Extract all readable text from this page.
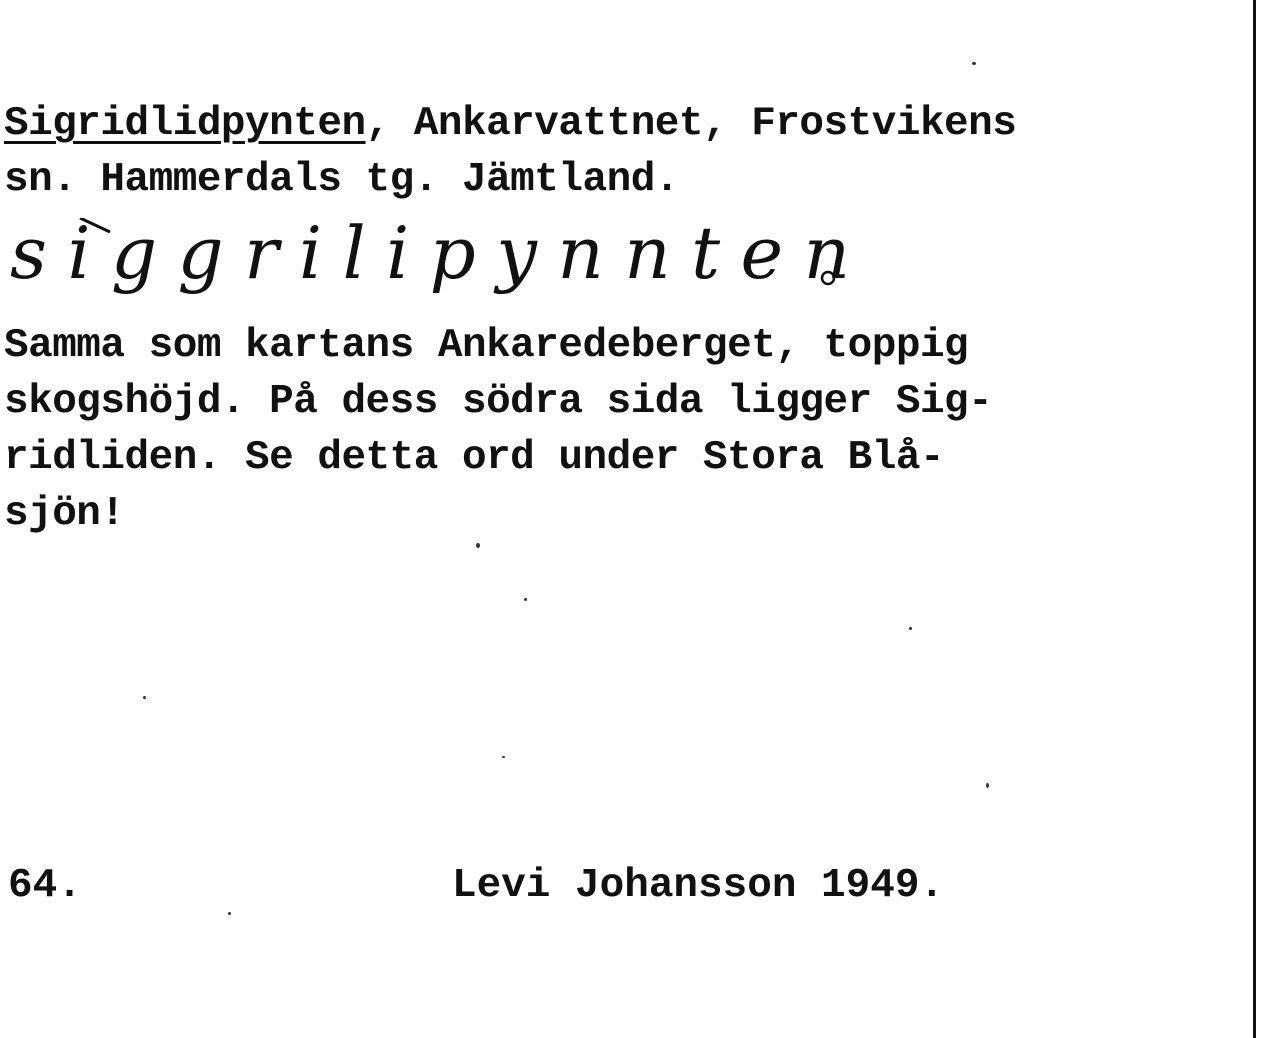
Sigridlidpynten, Ankarvattnet, Frostvikens
sn. Hammerdals tg. Jämtland.
siggrilipynnten
Samma som kartans Ankaredeberget, toppig
skogshöjd. På dess södra sida ligger Sig-
ridliden. Se detta ord under Stora Blå-
sjön!
64.	Levi Johansson 1949.
